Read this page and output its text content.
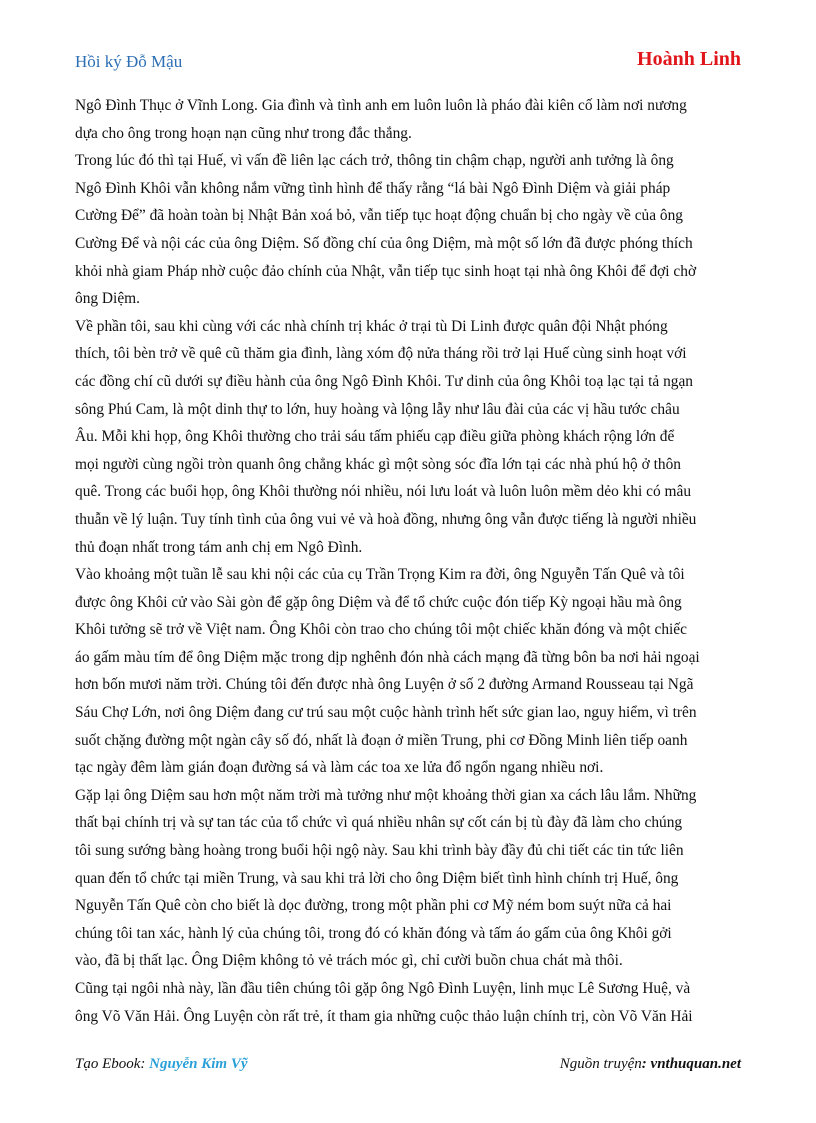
Hồi ký Đỗ Mậu	Hoành Linh

Ngô Đình Thục ở Vĩnh Long. Gia đình và tình anh em luôn luôn là pháo đài kiên cố làm nơi nương
dựa cho ông trong hoạn nạn cũng như trong đắc thắng.

Trong lúc đó thì tại Huế, vì vấn đề liên lạc cách trở, thông tin chậm chạp, người anh tưởng là ông
Ngô Đình Khôi vẫn không nắm vững tình hình để thấy rằng “lá bài Ngô Đình Diệm và giải pháp
Cường Để” đã hoàn toàn bị Nhật Bản xoá bỏ, vẫn tiếp tục hoạt động chuẩn bị cho ngày về của ông
Cường Để và nội các của ông Diệm. Số đồng chí của ông Diệm, mà một số lớn đã được phóng thích
khỏi nhà giam Pháp nhờ cuộc đảo chính của Nhật, vẫn tiếp tục sinh hoạt tại nhà ông Khôi để đợi chờ
ông Diệm.

Về phần tôi, sau khi cùng với các nhà chính trị khác ở trại tù Di Linh được quân đội Nhật phóng
thích, tôi bèn trở về quê cũ thăm gia đình, làng xóm độ nửa tháng rồi trở lại Huế cùng sinh hoạt với
các đồng chí cũ dưới sự điều hành của ông Ngô Đình Khôi. Tư dinh của ông Khôi toạ lạc tại tả ngạn
sông Phú Cam, là một dinh thự to lớn, huy hoàng và lộng lẫy như lâu đài của các vị hầu tước châu
Âu. Mỗi khi họp, ông Khôi thường cho trải sáu tấm phiếu cạp điều giữa phòng khách rộng lớn để
mọi người cùng ngồi tròn quanh ông chẳng khác gì một sòng sóc đĩa lớn tại các nhà phú hộ ở thôn
quê. Trong các buổi họp, ông Khôi thường nói nhiều, nói lưu loát và luôn luôn mềm dẻo khi có mâu
thuẫn về lý luận. Tuy tính tình của ông vui vẻ và hoà đồng, nhưng ông vẫn được tiếng là người nhiều
thủ đoạn nhất trong tám anh chị em Ngô Đình.

Vào khoảng một tuần lễ sau khi nội các của cụ Trần Trọng Kim ra đời, ông Nguyễn Tấn Quê và tôi
được ông Khôi cử vào Sài gòn để gặp ông Diệm và để tổ chức cuộc đón tiếp Kỳ ngoại hầu mà ông
Khôi tưởng sẽ trở về Việt nam. Ông Khôi còn trao cho chúng tôi một chiếc khăn đóng và một chiếc
áo gấm màu tím để ông Diệm mặc trong dịp nghênh đón nhà cách mạng đã từng bôn ba nơi hải ngoại
hơn bốn mươi năm trời. Chúng tôi đến được nhà ông Luyện ở số 2 đường Armand Rousseau tại Ngã
Sáu Chợ Lớn, nơi ông Diệm đang cư trú sau một cuộc hành trình hết sức gian lao, nguy hiểm, vì trên
suốt chặng đường một ngàn cây số đó, nhất là đoạn ở miền Trung, phi cơ Đồng Minh liên tiếp oanh
tạc ngày đêm làm gián đoạn đường sá và làm các toa xe lửa đổ ngổn ngang nhiều nơi.

Gặp lại ông Diệm sau hơn một năm trời mà tưởng như một khoảng thời gian xa cách lâu lắm. Những
thất bại chính trị và sự tan tác của tổ chức vì quá nhiều nhân sự cốt cán bị tù đày đã làm cho chúng
tôi sung sướng bàng hoàng trong buổi hội ngộ này. Sau khi trình bày đầy đủ chi tiết các tin tức liên
quan đến tổ chức tại miền Trung, và sau khi trả lời cho ông Diệm biết tình hình chính trị Huế, ông
Nguyễn Tấn Quê còn cho biết là dọc đường, trong một phần phi cơ Mỹ ném bom suýt nữa cả hai
chúng tôi tan xác, hành lý của chúng tôi, trong đó có khăn đóng và tấm áo gấm của ông Khôi gởi
vào, đã bị thất lạc. Ông Diệm không tỏ vẻ trách móc gì, chỉ cười buồn chua chát mà thôi.

Cũng tại ngôi nhà này, lần đầu tiên chúng tôi gặp ông Ngô Đình Luyện, linh mục Lê Sương Huệ, và
ông Võ Văn Hải. Ông Luyện còn rất trẻ, ít tham gia những cuộc thảo luận chính trị, còn Võ Văn Hải

Tạo Ebook: Nguyễn Kim Vỹ	Nguồn truyện: vnthuquan.net
